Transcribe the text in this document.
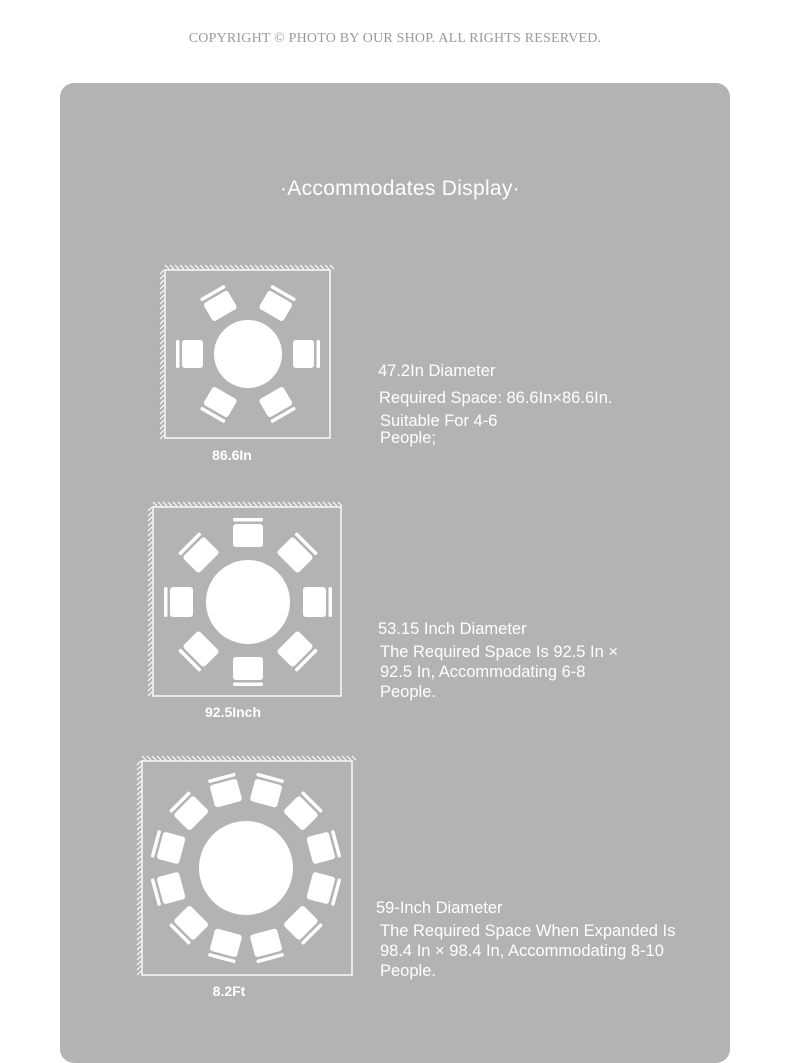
COPYRIGHT © PHOTO BY OUR SHOP. ALL RIGHTS RESERVED.
·Accommodates Display·
86.6In
47.2In Diameter
Required Space: 86.6In×86.6In.
Suitable For 4-6 People;
92.5Inch
53.15 Inch Diameter
The Required Space Is 92.5 In × 92.5 In, Accommodating 6-8 People.
8.2Ft
59-Inch Diameter
The Required Space When Expanded Is 98.4 In × 98.4 In, Accommodating 8-10 People.
